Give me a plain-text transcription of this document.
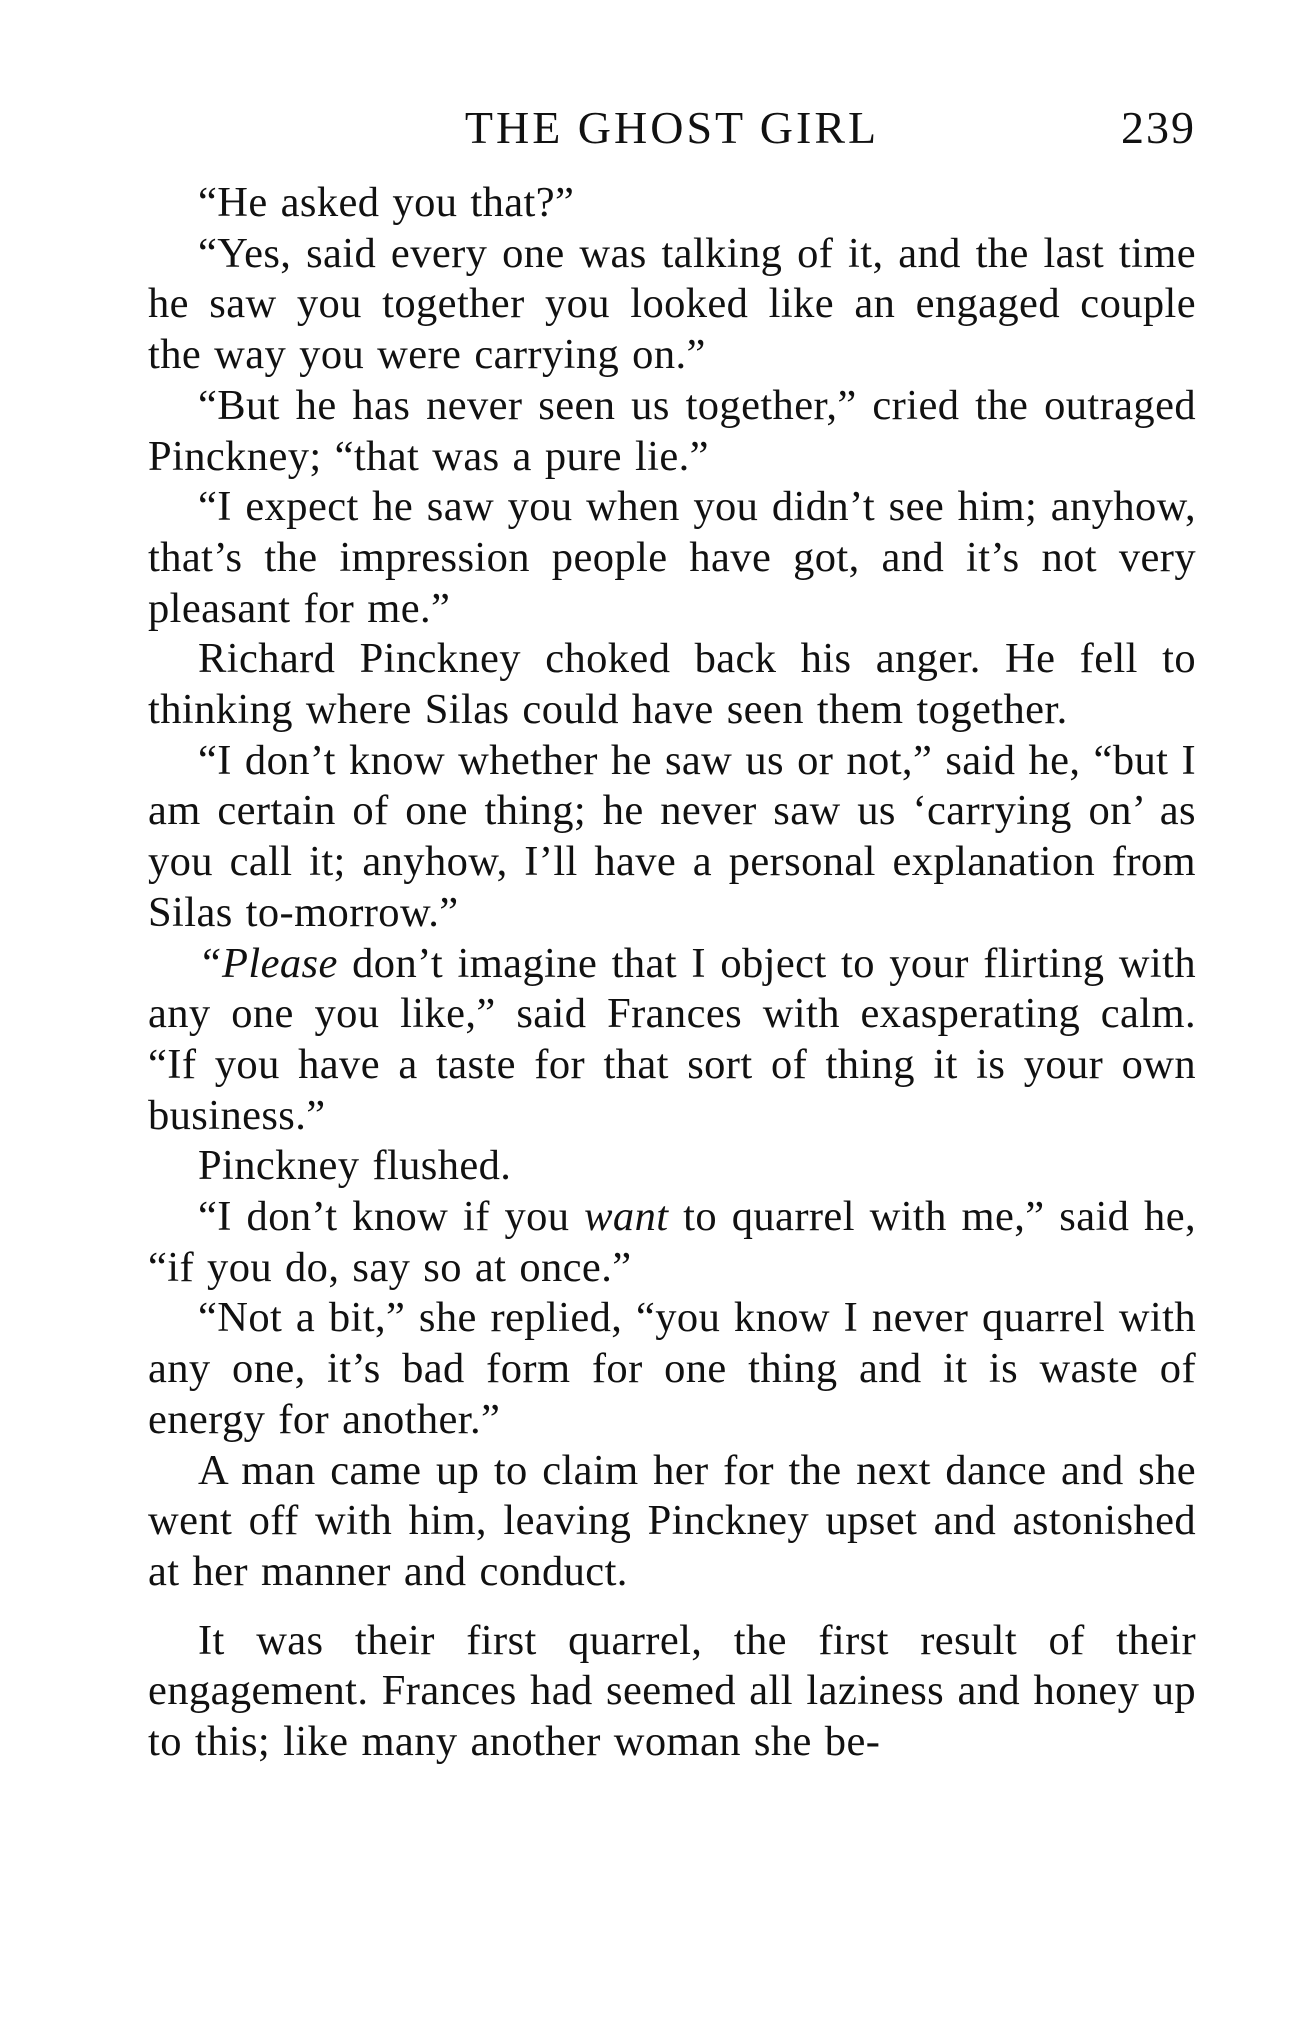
THE GHOST GIRL	239

“He asked you that?”

“Yes, said every one was talking of it, and the last time he saw you together you looked like an engaged couple the way you were carrying on.”

“But he has never seen us together,” cried the outraged Pinckney; “that was a pure lie.”

“I expect he saw you when you didn’t see him; anyhow, that’s the impression people have got, and it’s not very pleasant for me.”

Richard Pinckney choked back his anger. He fell to thinking where Silas could have seen them together.

“I don’t know whether he saw us or not,” said he, “but I am certain of one thing; he never saw us ‘carrying on’ as you call it; anyhow, I’ll have a personal explanation from Silas to-morrow.”

“Please don’t imagine that I object to your flirting with any one you like,” said Frances with exasperating calm. “If you have a taste for that sort of thing it is your own business.”

Pinckney flushed.

“I don’t know if you want to quarrel with me,” said he, “if you do, say so at once.”

“Not a bit,” she replied, “you know I never quarrel with any one, it’s bad form for one thing and it is waste of energy for another.”

A man came up to claim her for the next dance and she went off with him, leaving Pinckney upset and astonished at her manner and conduct.

It was their first quarrel, the first result of their engagement. Frances had seemed all laziness and honey up to this; like many another woman she be-
